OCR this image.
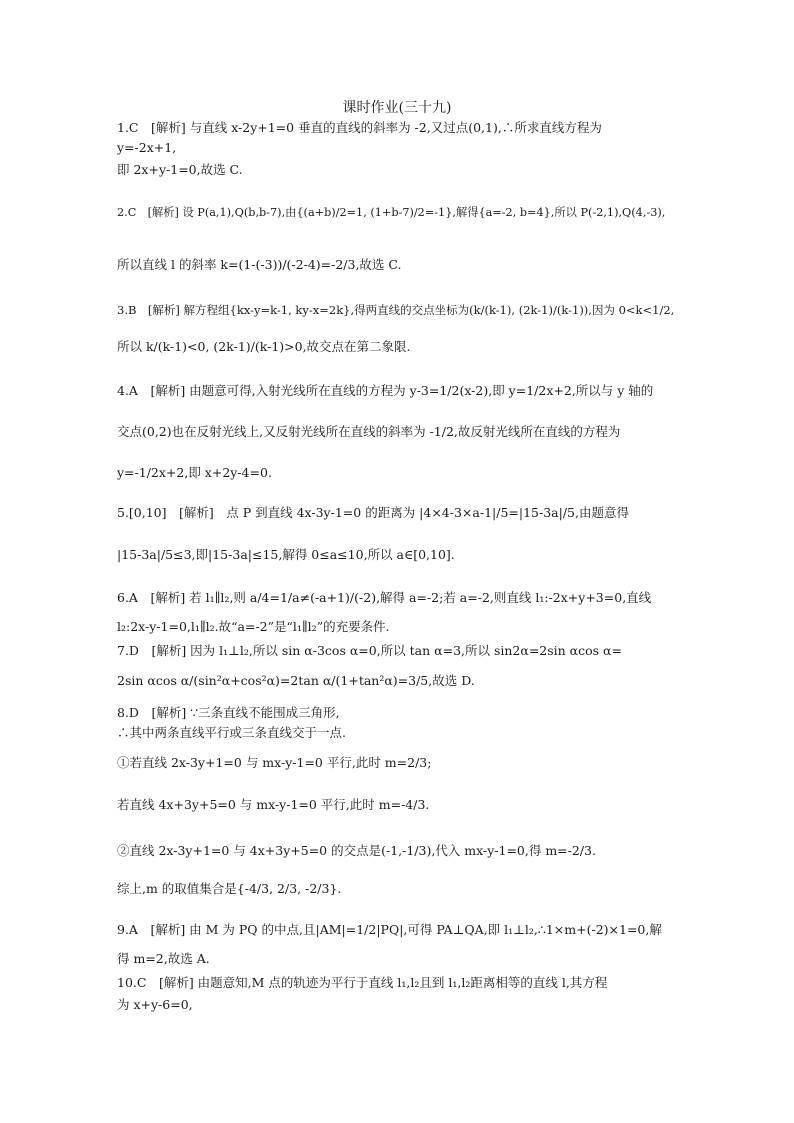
课时作业(三十九)
1.C　[解析] 与直线 x-2y+1=0 垂直的直线的斜率为 -2,又过点(0,1),∴所求直线方程为
y=-2x+1,
即 2x+y-1=0,故选 C.
2.C　[解析] 设 P(a,1),Q(b,b-7),由{(a+b)/2=1, (1+b-7)/2=-1},解得{a=-2, b=4},所以 P(-2,1),Q(4,-3),
所以直线 l 的斜率 k=(1-(-3))/(-2-4)=-2/3,故选 C.
3.B　[解析] 解方程组{kx-y=k-1, ky-x=2k},得两直线的交点坐标为(k/(k-1), (2k-1)/(k-1)),因为 0<k<1/2,
所以 k/(k-1)<0, (2k-1)/(k-1)>0,故交点在第二象限.
4.A　[解析] 由题意可得,入射光线所在直线的方程为 y-3=1/2(x-2),即 y=1/2x+2,所以与 y 轴的
交点(0,2)也在反射光线上,又反射光线所在直线的斜率为 -1/2,故反射光线所在直线的方程为
y=-1/2x+2,即 x+2y-4=0.
5.[0,10]　[解析]　点 P 到直线 4x-3y-1=0 的距离为 |4×4-3×a-1|/5=|15-3a|/5,由题意得
|15-3a|/5≤3,即|15-3a|≤15,解得 0≤a≤10,所以 a∈[0,10].
6.A　[解析] 若 l₁∥l₂,则 a/4=1/a≠(-a+1)/(-2),解得 a=-2;若 a=-2,则直线 l₁:-2x+y+3=0,直线
l₂:2x-y-1=0,l₁∥l₂.故“a=-2”是“l₁∥l₂”的充要条件.
7.D　[解析] 因为 l₁⊥l₂,所以 sin α-3cos α=0,所以 tan α=3,所以 sin2α=2sin αcos α=
2sin αcos α/(sin²α+cos²α)=2tan α/(1+tan²α)=3/5,故选 D.
8.D　[解析] ∵三条直线不能围成三角形,
∴其中两条直线平行或三条直线交于一点.
①若直线 2x-3y+1=0 与 mx-y-1=0 平行,此时 m=2/3;
若直线 4x+3y+5=0 与 mx-y-1=0 平行,此时 m=-4/3.
②直线 2x-3y+1=0 与 4x+3y+5=0 的交点是(-1,-1/3),代入 mx-y-1=0,得 m=-2/3.
综上,m 的取值集合是{-4/3, 2/3, -2/3}.
9.A　[解析] 由 M 为 PQ 的中点,且|AM|=1/2|PQ|,可得 PA⊥QA,即 l₁⊥l₂,∴1×m+(-2)×1=0,解
得 m=2,故选 A.
10.C　[解析] 由题意知,M 点的轨迹为平行于直线 l₁,l₂且到 l₁,l₂距离相等的直线 l,其方程
为 x+y-6=0,
